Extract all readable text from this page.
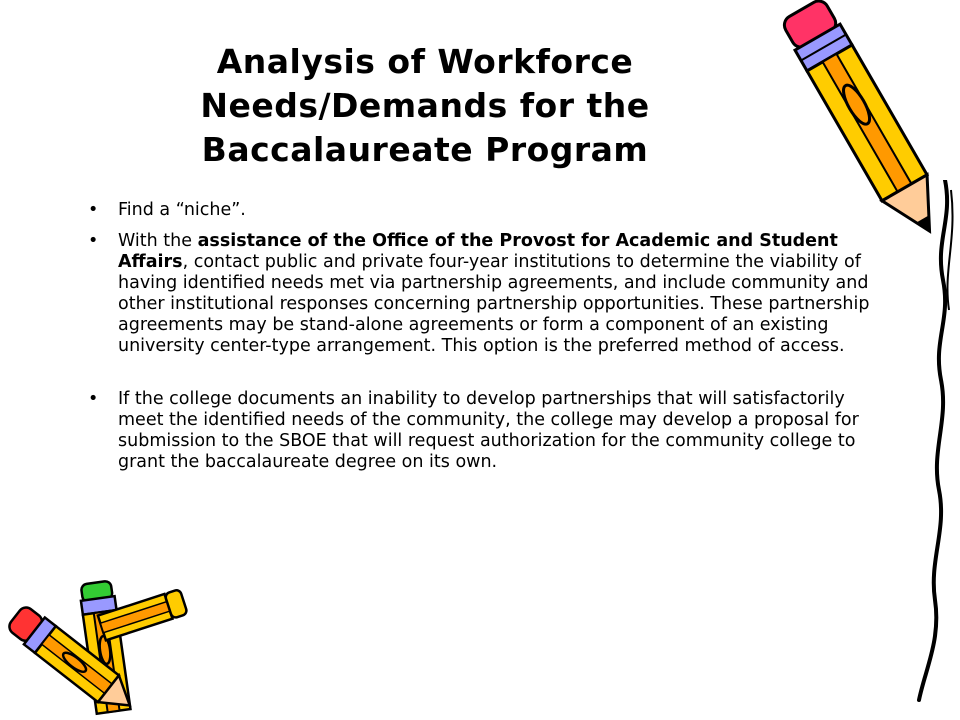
Analysis of Workforce Needs/Demands for the Baccalaureate Program
• Find a “niche”.
• With the assistance of the Office of the Provost for Academic and Student Affairs, contact public and private four-year institutions to determine the viability of having identified needs met via partnership agreements, and include community and other institutional responses concerning partnership opportunities. These partnership agreements may be stand-alone agreements or form a component of an existing university center-type arrangement. This option is the preferred method of access.
• If the college documents an inability to develop partnerships that will satisfactorily meet the identified needs of the community, the college may develop a proposal for submission to the SBOE that will request authorization for the community college to grant the baccalaureate degree on its own.
